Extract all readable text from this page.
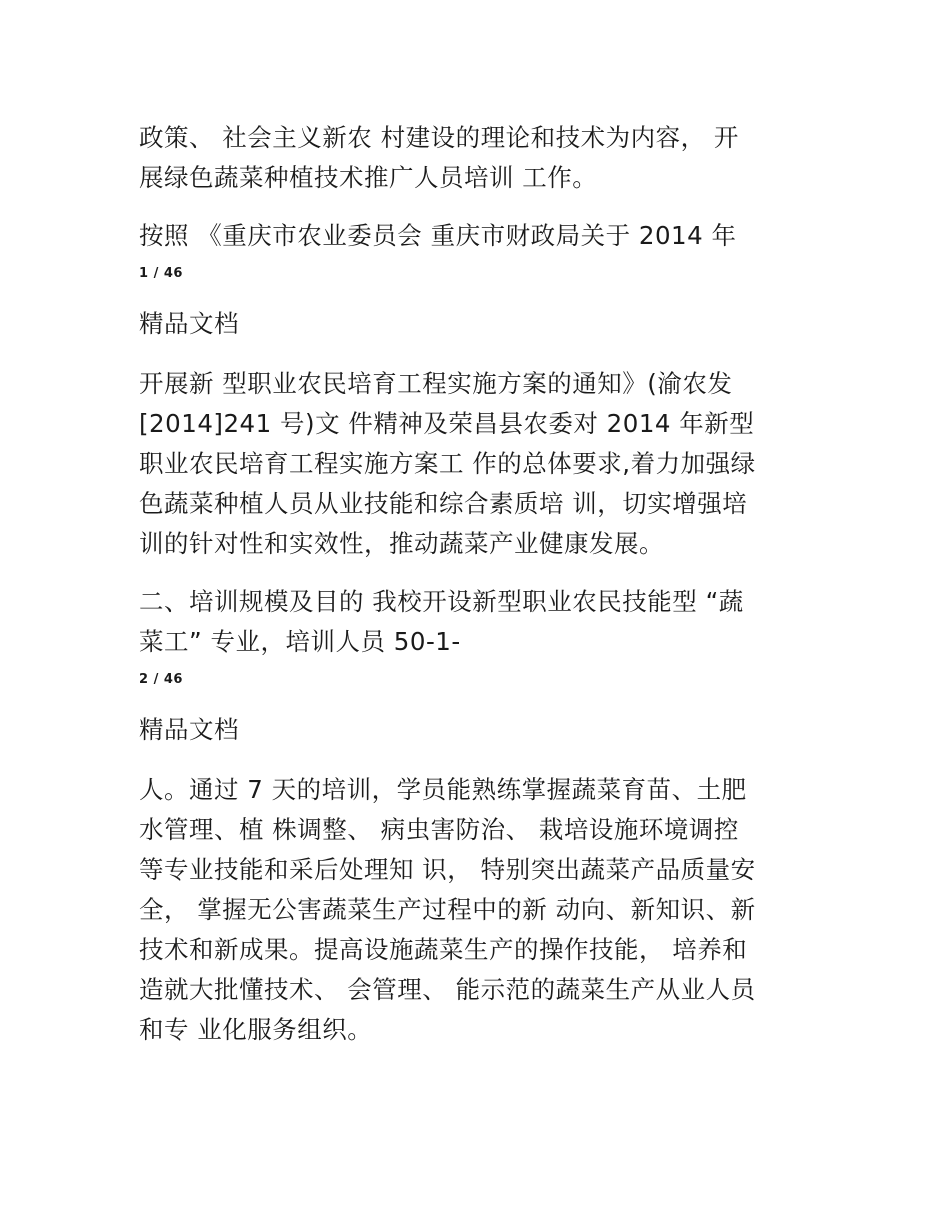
政策、 社会主义新农 村建设的理论和技术为内容， 开
展绿色蔬菜种植技术推广人员培训 工作。
按照 《重庆市农业委员会 重庆市财政局关于 2014 年
1 / 46
精品文档
开展新 型职业农民培育工程实施方案的通知》(渝农发
[2014]241 号)文 件精神及荣昌县农委对 2014 年新型
职业农民培育工程实施方案工 作的总体要求,着力加强绿
色蔬菜种植人员从业技能和综合素质培 训，切实增强培
训的针对性和实效性，推动蔬菜产业健康发展。
二、培训规模及目的 我校开设新型职业农民技能型 “蔬
菜工” 专业，培训人员 50-1-
2 / 46
精品文档
人。通过 7 天的培训，学员能熟练掌握蔬菜育苗、土肥
水管理、植 株调整、 病虫害防治、 栽培设施环境调控
等专业技能和采后处理知 识， 特别突出蔬菜产品质量安
全， 掌握无公害蔬菜生产过程中的新 动向、新知识、新
技术和新成果。提高设施蔬菜生产的操作技能， 培养和
造就大批懂技术、 会管理、 能示范的蔬菜生产从业人员
和专 业化服务组织。
